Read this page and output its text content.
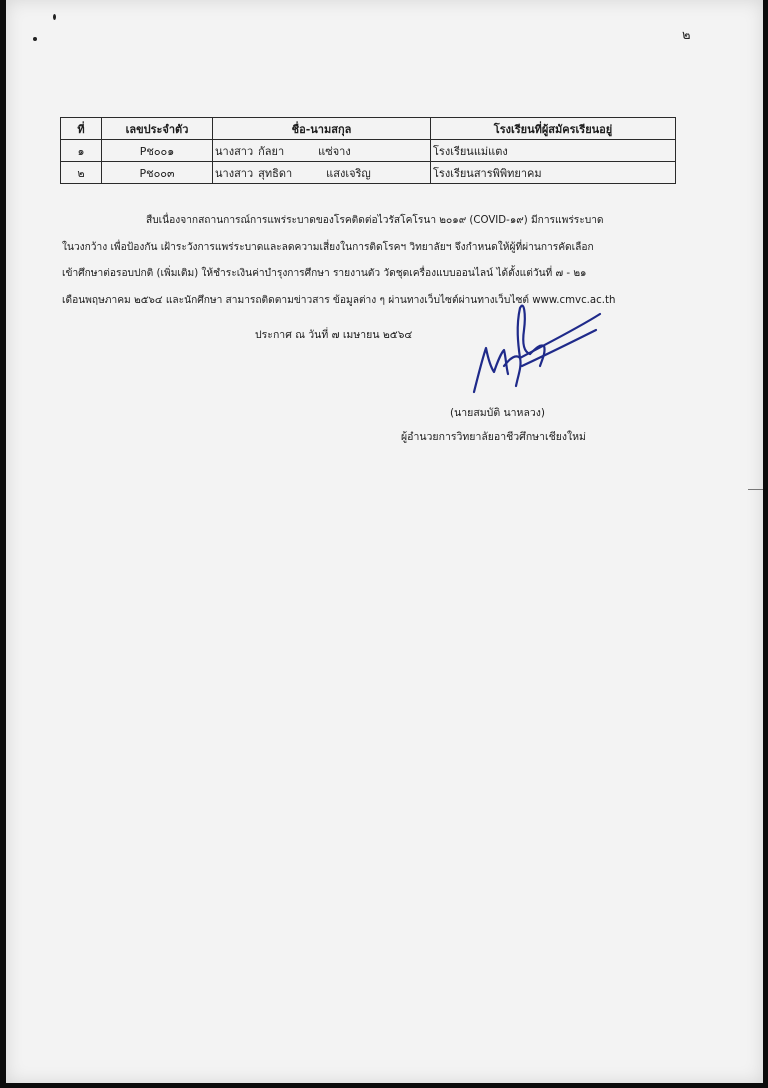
๒
ที่	เลขประจำตัว	ชื่อ-นามสกุล	โรงเรียนที่ผู้สมัครเรียนอยู่
๑	Pช๐๐๑	นางสาว กัลยา แซ่จาง	โรงเรียนแม่แตง
๒	Pช๐๐๓	นางสาว สุทธิดา แสงเจริญ	โรงเรียนสารพิพิทยาคม
สืบเนื่องจากสถานการณ์การแพร่ระบาดของโรคติดต่อไวรัสโคโรนา ๒๐๑๙ (COVID-๑๙) มีการแพร่ระบาด
ในวงกว้าง เพื่อป้องกัน เฝ้าระวังการแพร่ระบาดและลดความเสี่ยงในการติดโรคฯ วิทยาลัยฯ จึงกำหนดให้ผู้ที่ผ่านการคัดเลือก
เข้าศึกษาต่อรอบปกติ (เพิ่มเติม) ให้ชำระเงินค่าบำรุงการศึกษา รายงานตัว วัดชุดเครื่องแบบออนไลน์ ได้ตั้งแต่วันที่ ๗ - ๒๑
เดือนพฤษภาคม ๒๕๖๔ และนักศึกษา สามารถติดตามข่าวสาร ข้อมูลต่าง ๆ ผ่านทางเว็บไซต์ผ่านทางเว็บไซต์ www.cmvc.ac.th
ประกาศ ณ วันที่ ๗ เมษายน ๒๕๖๔
(นายสมบัติ นาหลวง)
ผู้อำนวยการวิทยาลัยอาชีวศึกษาเชียงใหม่
